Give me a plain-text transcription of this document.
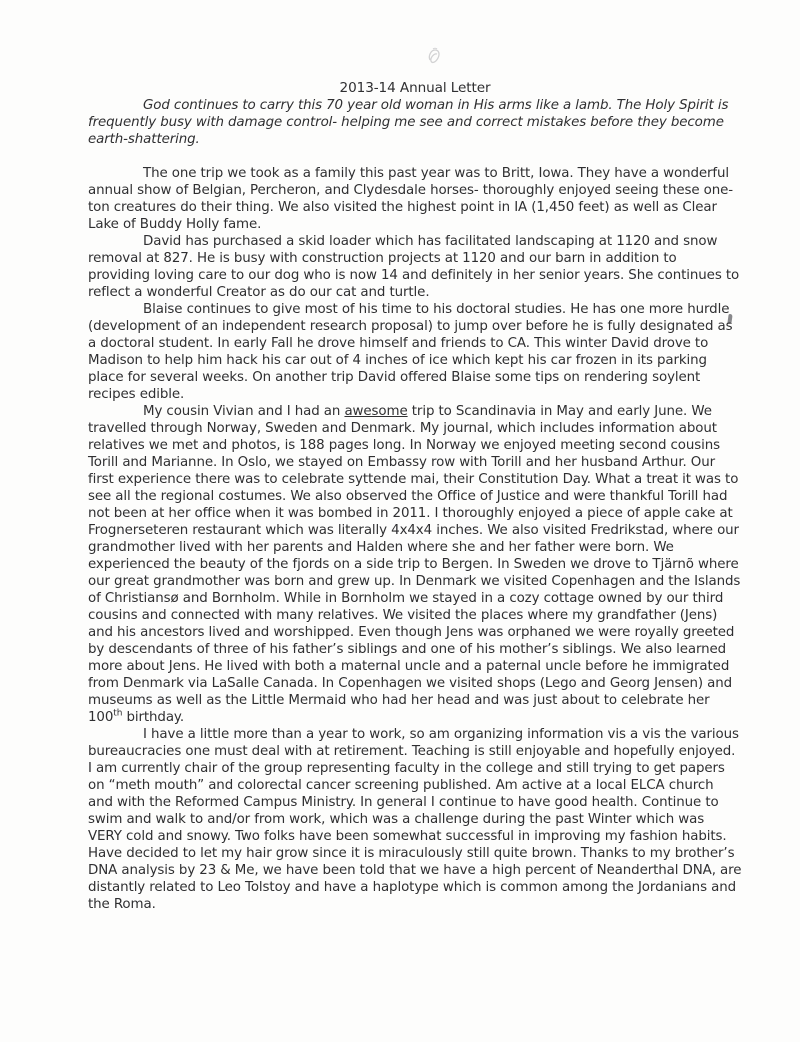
2013-14 Annual Letter

God continues to carry this 70 year old woman in His arms like a lamb. The Holy Spirit is frequently busy with damage control- helping me see and correct mistakes before they become earth-shattering.

The one trip we took as a family this past year was to Britt, Iowa. They have a wonderful annual show of Belgian, Percheron, and Clydesdale horses- thoroughly enjoyed seeing these one-ton creatures do their thing. We also visited the highest point in IA (1,450 feet) as well as Clear Lake of Buddy Holly fame.

David has purchased a skid loader which has facilitated landscaping at 1120 and snow removal at 827. He is busy with construction projects at 1120 and our barn in addition to providing loving care to our dog who is now 14 and definitely in her senior years. She continues to reflect a wonderful Creator as do our cat and turtle.

Blaise continues to give most of his time to his doctoral studies. He has one more hurdle (development of an independent research proposal) to jump over before he is fully designated as a doctoral student. In early Fall he drove himself and friends to CA. This winter David drove to Madison to help him hack his car out of 4 inches of ice which kept his car frozen in its parking place for several weeks. On another trip David offered Blaise some tips on rendering soylent recipes edible.

My cousin Vivian and I had an awesome trip to Scandinavia in May and early June. We travelled through Norway, Sweden and Denmark. My journal, which includes information about relatives we met and photos, is 188 pages long. In Norway we enjoyed meeting second cousins Torill and Marianne. In Oslo, we stayed on Embassy row with Torill and her husband Arthur. Our first experience there was to celebrate syttende mai, their Constitution Day. What a treat it was to see all the regional costumes. We also observed the Office of Justice and were thankful Torill had not been at her office when it was bombed in 2011. I thoroughly enjoyed a piece of apple cake at Frognerseteren restaurant which was literally 4x4x4 inches. We also visited Fredrikstad, where our grandmother lived with her parents and Halden where she and her father were born. We experienced the beauty of the fjords on a side trip to Bergen. In Sweden we drove to Tjärnõ where our great grandmother was born and grew up. In Denmark we visited Copenhagen and the Islands of Christiansø and Bornholm. While in Bornholm we stayed in a cozy cottage owned by our third cousins and connected with many relatives. We visited the places where my grandfather (Jens) and his ancestors lived and worshipped. Even though Jens was orphaned we were royally greeted by descendants of three of his father’s siblings and one of his mother’s siblings. We also learned more about Jens. He lived with both a maternal uncle and a paternal uncle before he immigrated from Denmark via LaSalle Canada. In Copenhagen we visited shops (Lego and Georg Jensen) and museums as well as the Little Mermaid who had her head and was just about to celebrate her 100th birthday.

I have a little more than a year to work, so am organizing information vis a vis the various bureaucracies one must deal with at retirement. Teaching is still enjoyable and hopefully enjoyed. I am currently chair of the group representing faculty in the college and still trying to get papers on “meth mouth” and colorectal cancer screening published. Am active at a local ELCA church and with the Reformed Campus Ministry. In general I continue to have good health. Continue to swim and walk to and/or from work, which was a challenge during the past Winter which was VERY cold and snowy. Two folks have been somewhat successful in improving my fashion habits. Have decided to let my hair grow since it is miraculously still quite brown. Thanks to my brother’s DNA analysis by 23 & Me, we have been told that we have a high percent of Neanderthal DNA, are distantly related to Leo Tolstoy and have a haplotype which is common among the Jordanians and the Roma.
